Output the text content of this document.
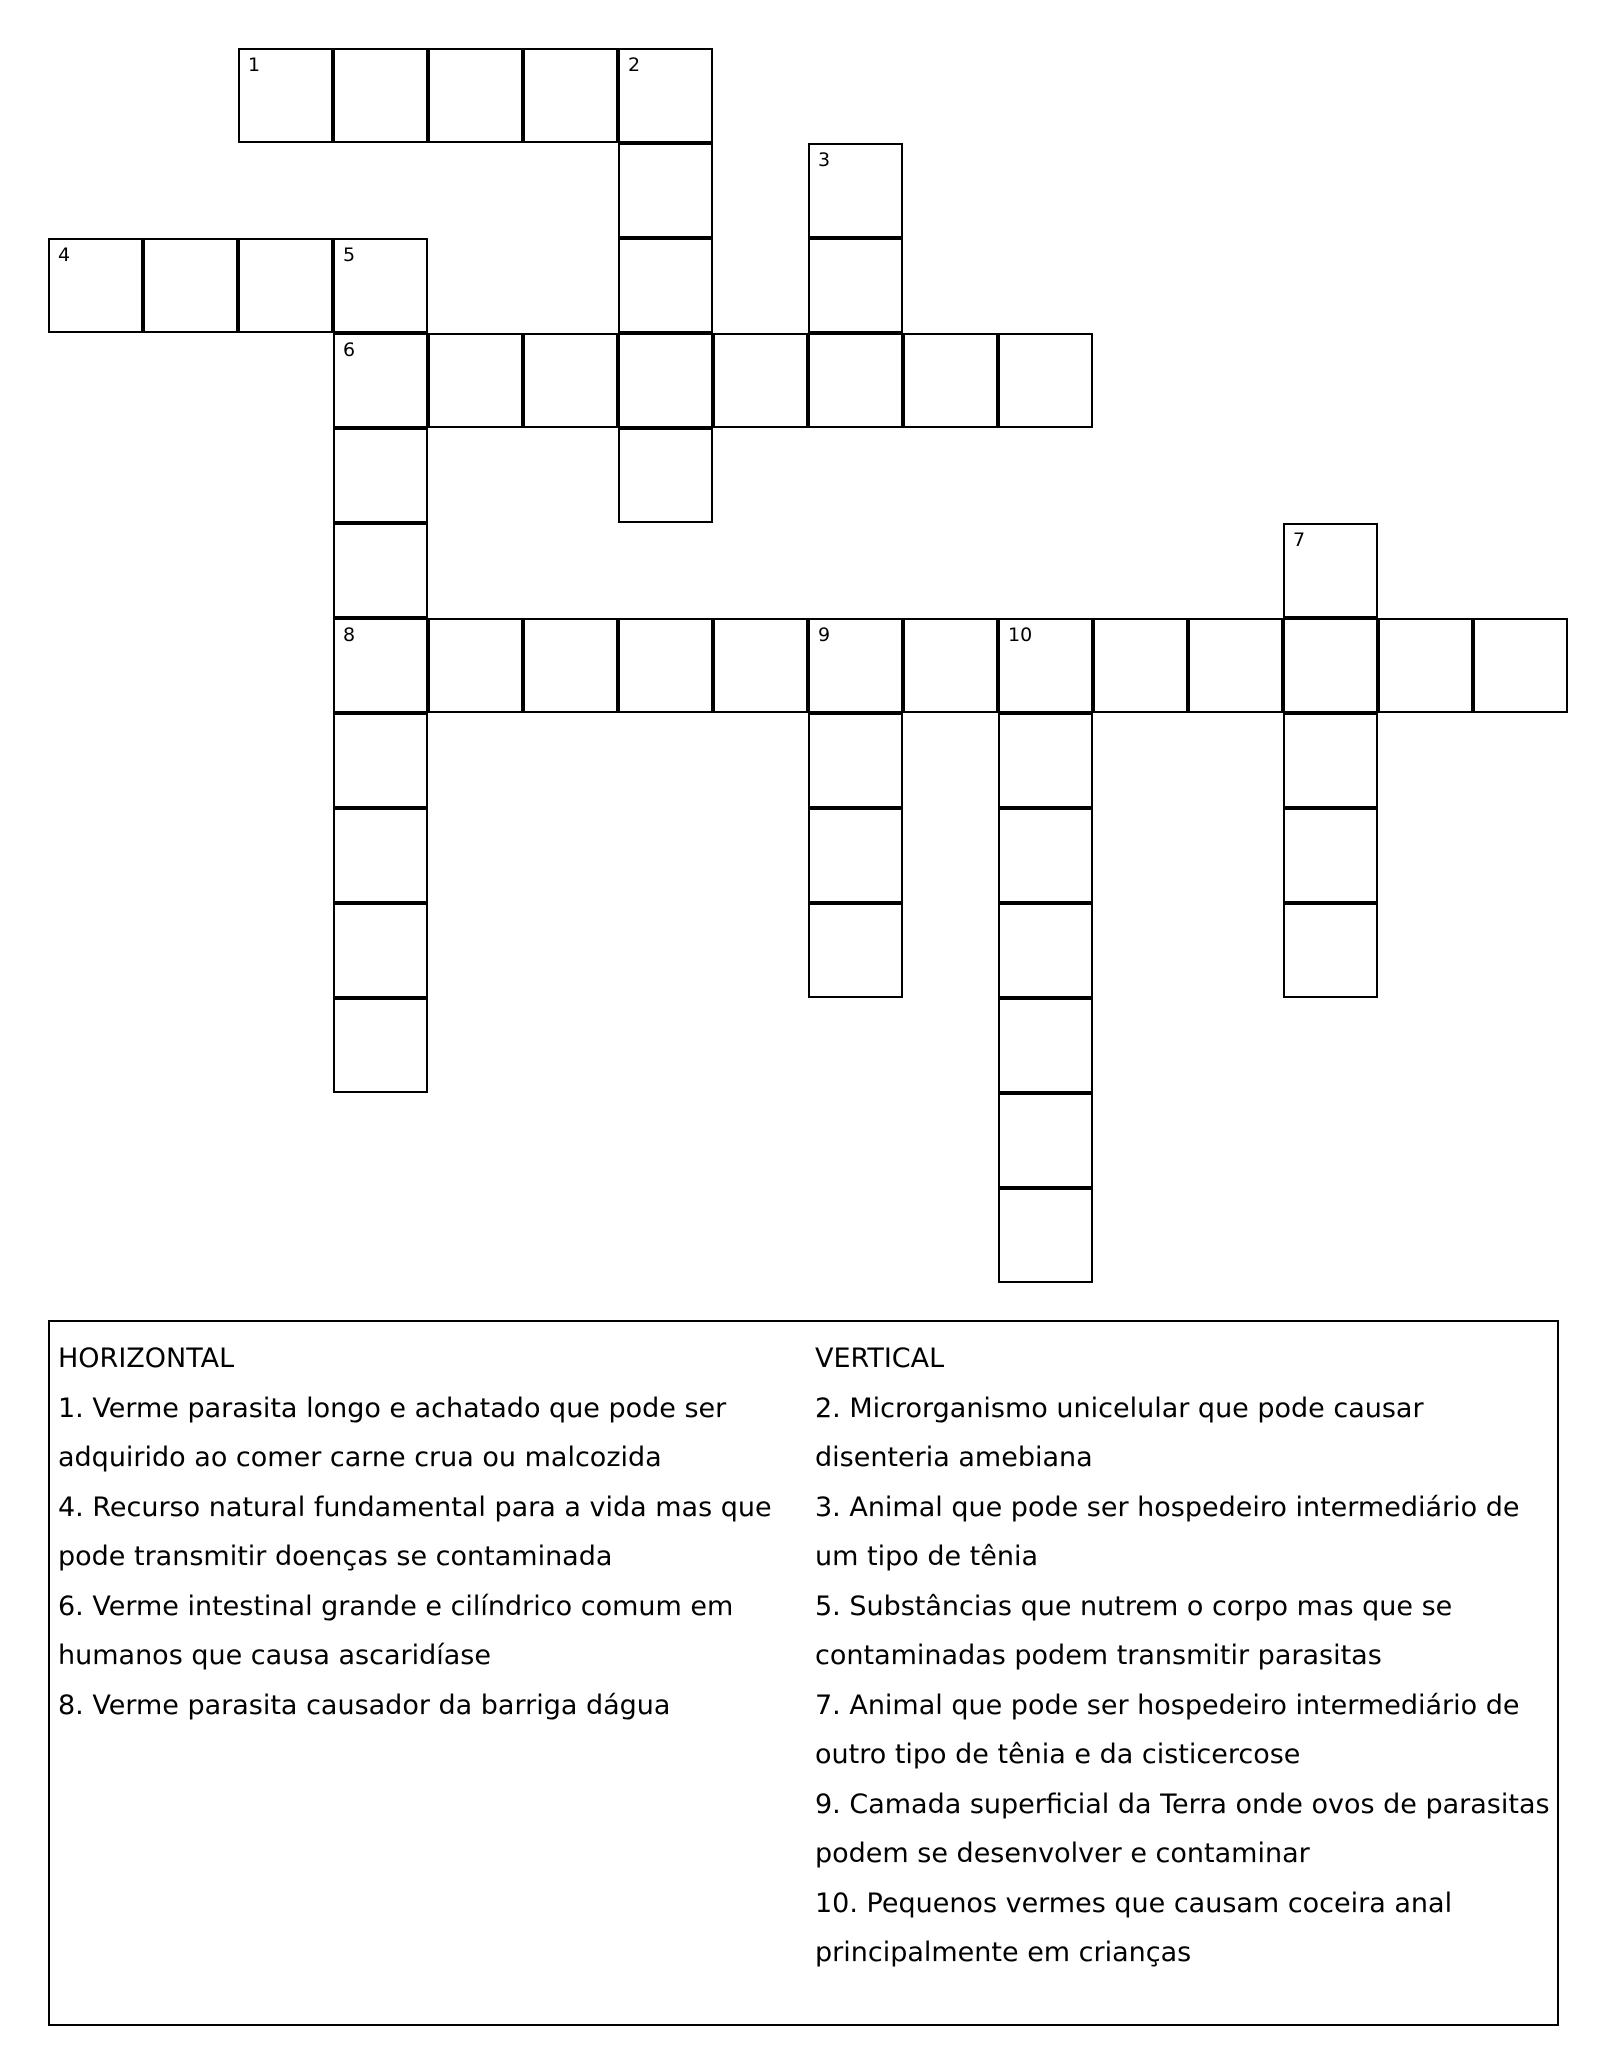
1	2
3
4	5
6
7
8	9	10
HORIZONTAL
1. Verme parasita longo e achatado que pode ser
adquirido ao comer carne crua ou malcozida
4. Recurso natural fundamental para a vida mas que
pode transmitir doenças se contaminada
6. Verme intestinal grande e cilíndrico comum em
humanos que causa ascaridíase
8. Verme parasita causador da barriga dágua
VERTICAL
2. Microrganismo unicelular que pode causar
disenteria amebiana
3. Animal que pode ser hospedeiro intermediário de
um tipo de tênia
5. Substâncias que nutrem o corpo mas que se
contaminadas podem transmitir parasitas
7. Animal que pode ser hospedeiro intermediário de
outro tipo de tênia e da cisticercose
9. Camada superficial da Terra onde ovos de parasitas
podem se desenvolver e contaminar
10. Pequenos vermes que causam coceira anal
principalmente em crianças
